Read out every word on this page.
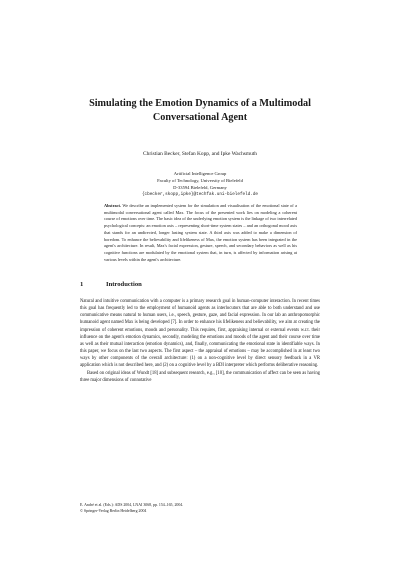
Simulating the Emotion Dynamics of a Multimodal Conversational Agent
Christian Becker, Stefan Kopp, and Ipke Wachsmuth
Artificial Intelligence Group
Faculty of Technology, University of Bielefeld
D-33594 Bielefeld, Germany
{cbecker,skopp,ipke}@techfak.uni-bielefeld.de
Abstract. We describe an implemented system for the simulation and visualisation of the emotional state of a multimodal conversational agent called Max. The focus of the presented work lies on modeling a coherent course of emotions over time. The basic idea of the underlying emotion system is the linkage of two interrelated psychological concepts: an emotion axis – representing short-time system states – and an orthogonal mood axis that stands for an undirected, longer lasting system state. A third axis was added to make a dimension of boredom. To enhance the believability and lifelikeness of Max, the emotion system has been integrated in the agent's architecture. In result, Max's facial expression, gesture, speech, and secondary behaviors as well as his cognitive functions are modulated by the emotional system that, in turn, is affected by information arising at various levels within the agent's architecture.
1	Introduction

Natural and intuitive communication with a computer is a primary research goal in human-computer interaction. In recent times this goal has frequently led to the employment of humanoid agents as interlocutors that are able to both understand and use communicative means natural to human users, i.e., speech, gesture, gaze, and facial expression. In our lab an anthropomorphic humanoid agent named Max is being developed [7]. In order to enhance his lifelikeness and believability, we aim at creating the impression of coherent emotions, moods and personality. This requires, first, appraising internal or external events w.r.t. their influence on the agent's emotion dynamics, secondly, modeling the emotions and moods of the agent and their course over time as well as their mutual interaction (emotion dynamics), and, finally, communicating the emotional state in identifiable ways. In this paper, we focus on the last two aspects. The first aspect – the appraisal of emotions – may be accomplished in at least two ways by other components of the overall architecture: (1) on a non-cognitive level by direct sensory feedback in a VR application which is not described here, and (2) on a cognitive level by a BDI interpreter which performs deliberative reasoning.

Based on original ideas of Wundt [18] and subsequent research, e.g., [10], the communication of affect can be seen as having three major dimensions of connotative

E. André et al. (Eds.): ADS 2004, LNAI 3068, pp. 154–165, 2004.
© Springer-Verlag Berlin Heidelberg 2004
